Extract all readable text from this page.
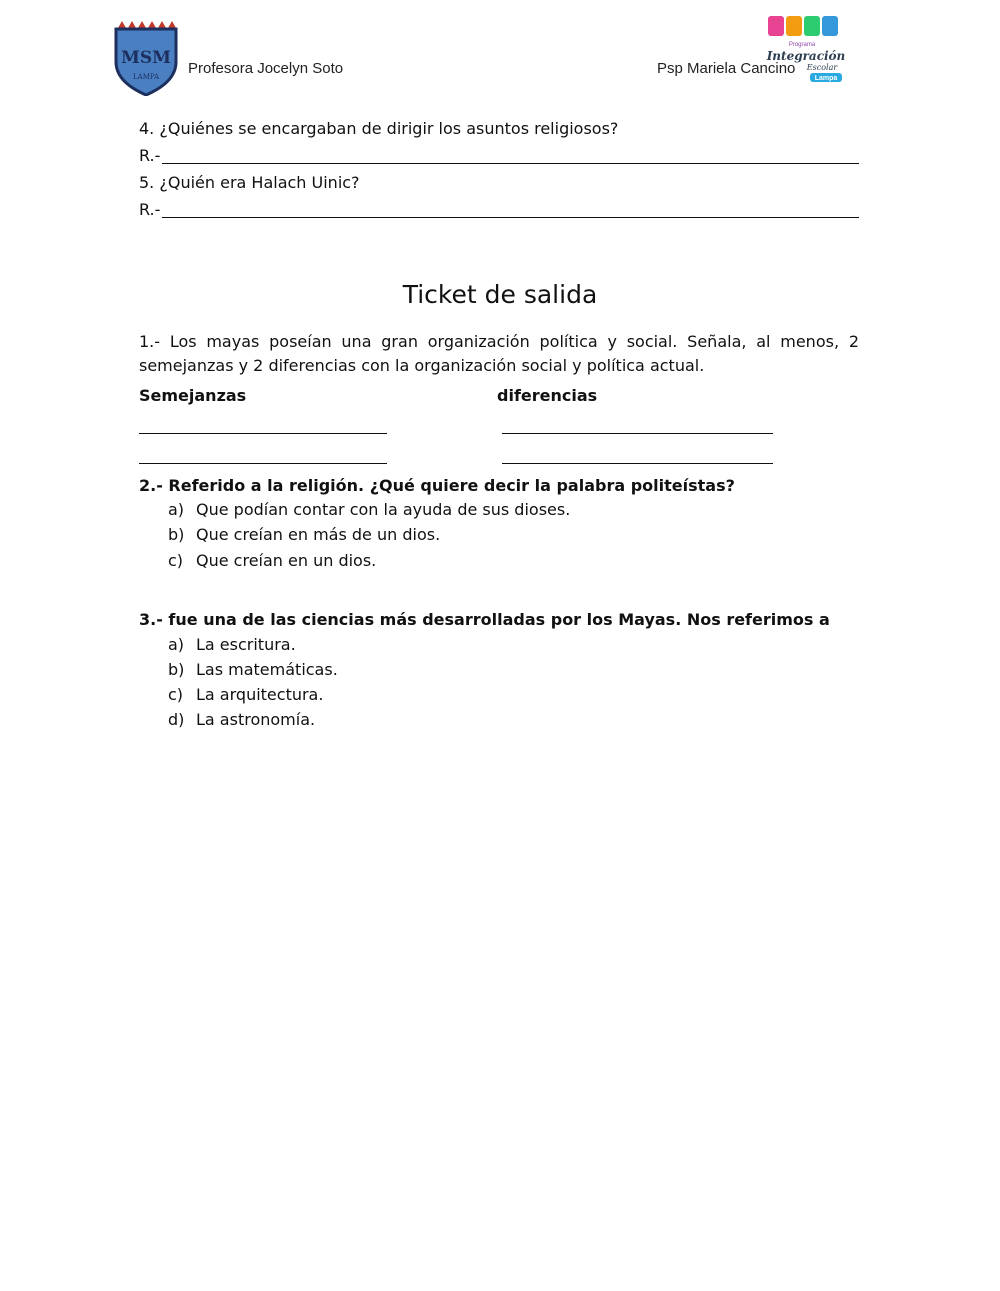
MSM
LAMPA Profesora Jocelyn Soto	Psp Mariela Cancino
Programa
Integración
Escolar
Lampa
4. ¿Quiénes se encargaban de dirigir los asuntos religiosos?
R.-
5. ¿Quién era Halach Uinic?
R.-
Ticket de salida
1.- Los mayas poseían una gran organización política y social. Señala, al menos, 2 semejanzas y 2 diferencias con la organización social y política actual.
Semejanzas	diferencias
2.- Referido a la religión. ¿Qué quiere decir la palabra politeístas?
a) Que podían contar con la ayuda de sus dioses.
b) Que creían en más de un dios.
c) Que creían en un dios.
3.- fue una de las ciencias más desarrolladas por los Mayas. Nos referimos a
a) La escritura.
b) Las matemáticas.
c) La arquitectura.
d) La astronomía.
